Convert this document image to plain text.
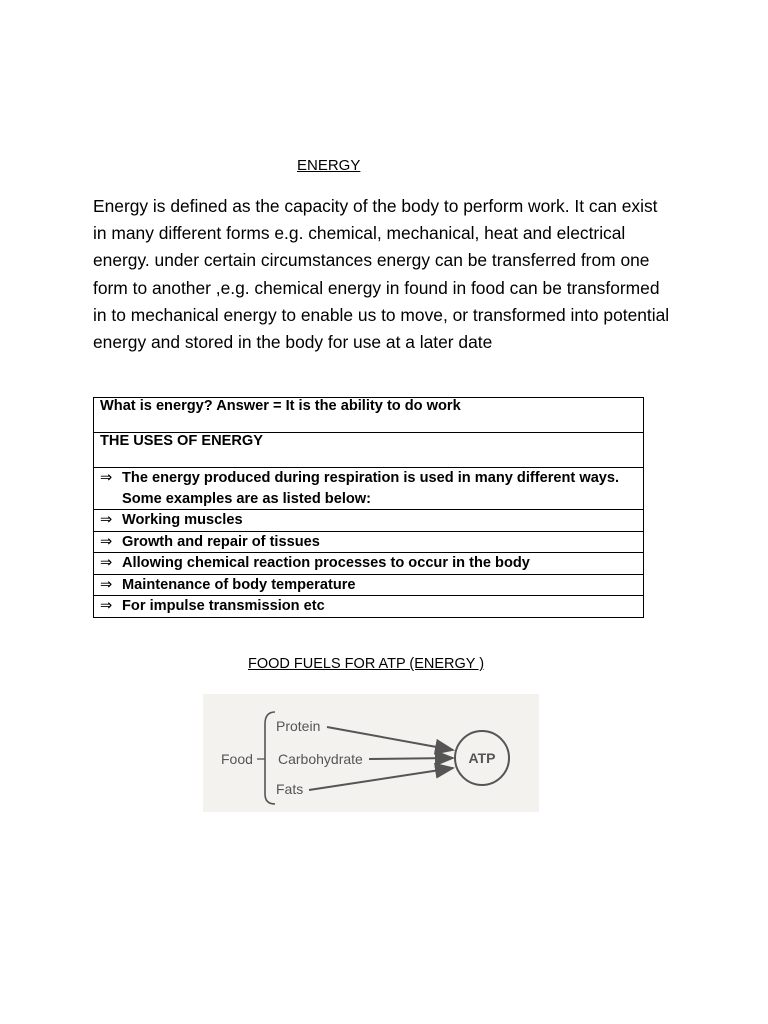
ENERGY
Energy is defined as the capacity of the body to perform work. It can exist in many different forms e.g. chemical, mechanical, heat and electrical energy. under certain circumstances energy can be transferred from one form to another ,e.g. chemical energy in found in food can be transformed in to mechanical energy to enable us to move, or transformed into potential energy and stored in the body for use at a later date
What is energy? Answer = It is the ability to do work
THE USES OF ENERGY

⇒ The energy produced during respiration is used in many different ways. Some examples are as listed below:

⇒ Working muscles

⇒ Growth and repair of tissues

⇒ Allowing chemical reaction processes to occur in the body

⇒ Maintenance of body temperature

⇒ For impulse transmission etc
FOOD FUELS FOR ATP (ENERGY )
Food
Protein
Carbohydrate
Fats
ATP
